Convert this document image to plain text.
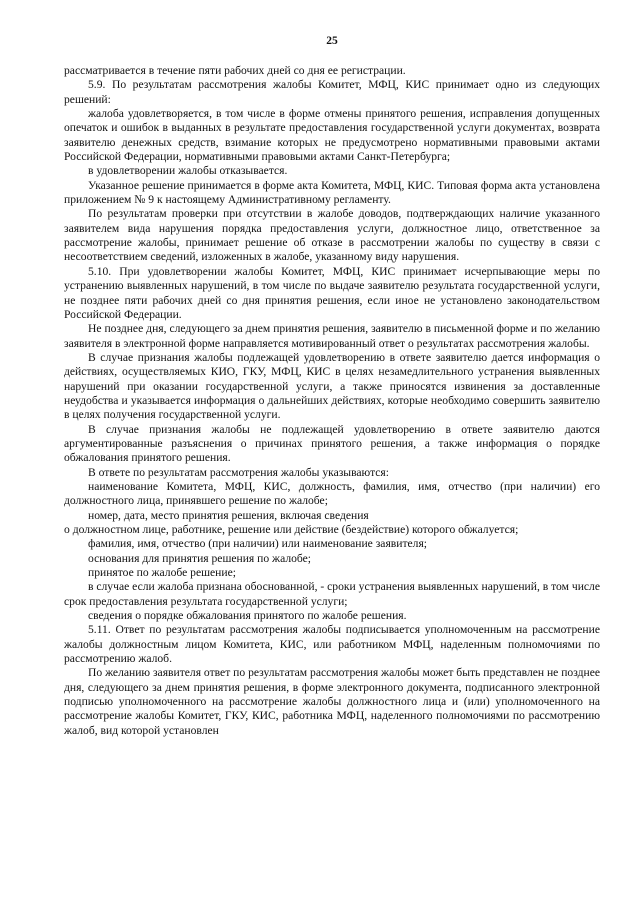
25

рассматривается в течение пяти рабочих дней со дня ее регистрации.

5.9. По результатам рассмотрения жалобы Комитет, МФЦ, КИС принимает одно из следующих решений:

жалоба удовлетворяется, в том числе в форме отмены принятого решения, исправления допущенных опечаток и ошибок в выданных в результате предоставления государственной услуги документах, возврата заявителю денежных средств, взимание которых не предусмотрено нормативными правовыми актами Российской Федерации, нормативными правовыми актами Санкт-Петербурга;

в удовлетворении жалобы отказывается.

Указанное решение принимается в форме акта Комитета, МФЦ, КИС. Типовая форма акта установлена приложением № 9 к настоящему Административному регламенту.

По результатам проверки при отсутствии в жалобе доводов, подтверждающих наличие указанного заявителем вида нарушения порядка предоставления услуги, должностное лицо, ответственное за рассмотрение жалобы, принимает решение об отказе в рассмотрении жалобы по существу в связи с несоответствием сведений, изложенных в жалобе, указанному виду нарушения.

5.10. При удовлетворении жалобы Комитет, МФЦ, КИС принимает исчерпывающие меры по устранению выявленных нарушений, в том числе по выдаче заявителю результата государственной услуги, не позднее пяти рабочих дней со дня принятия решения, если иное не установлено законодательством Российской Федерации.

Не позднее дня, следующего за днем принятия решения, заявителю в письменной форме и по желанию заявителя в электронной форме направляется мотивированный ответ о результатах рассмотрения жалобы.

В случае признания жалобы подлежащей удовлетворению в ответе заявителю дается информация о действиях, осуществляемых КИО, ГКУ, МФЦ, КИС в целях незамедлительного устранения выявленных нарушений при оказании государственной услуги, а также приносятся извинения за доставленные неудобства и указывается информация о дальнейших действиях, которые необходимо совершить заявителю в целях получения государственной услуги.

В случае признания жалобы не подлежащей удовлетворению в ответе заявителю даются аргументированные разъяснения о причинах принятого решения, а также информация о порядке обжалования принятого решения.

В ответе по результатам рассмотрения жалобы указываются:

наименование Комитета, МФЦ, КИС, должность, фамилия, имя, отчество (при наличии) его должностного лица, принявшего решение по жалобе;

номер, дата, место принятия решения, включая сведения

о должностном лице, работнике, решение или действие (бездействие) которого обжалуется;

фамилия, имя, отчество (при наличии) или наименование заявителя;

основания для принятия решения по жалобе;

принятое по жалобе решение;

в случае если жалоба признана обоснованной, - сроки устранения выявленных нарушений, в том числе срок предоставления результата государственной услуги;

сведения о порядке обжалования принятого по жалобе решения.

5.11. Ответ по результатам рассмотрения жалобы подписывается уполномоченным на рассмотрение жалобы должностным лицом Комитета, КИС, или работником МФЦ, наделенным полномочиями по рассмотрению жалоб.

По желанию заявителя ответ по результатам рассмотрения жалобы может быть представлен не позднее дня, следующего за днем принятия решения, в форме электронного документа, подписанного электронной подписью уполномоченного на рассмотрение жалобы должностного лица и (или) уполномоченного на рассмотрение жалобы Комитет, ГКУ, КИС, работника МФЦ, наделенного полномочиями по рассмотрению жалоб, вид которой установлен
